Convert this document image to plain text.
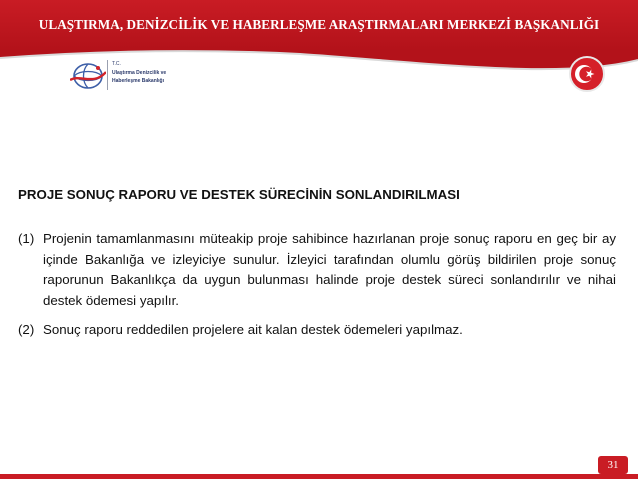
ULAŞTIRMA, DENİZCİLİK VE HABERLEŞME ARAŞTIRMALARI MERKEZİ BAŞKANLIĞI
T.C.
Ulaştırma Denizcilik ve
Haberleşme Bakanlığı
PROJE SONUÇ RAPORU VE DESTEK SÜRECİNİN SONLANDIRILMASI
(1) Projenin tamamlanmasını müteakip proje sahibince hazırlanan proje sonuç raporu en geç bir ay içinde Bakanlığa ve izleyiciye sunulur. İzleyici tarafından olumlu görüş bildirilen proje sonuç raporunun Bakanlıkça da uygun bulunması halinde proje destek süreci sonlandırılır ve nihai destek ödemesi yapılır.
(2) Sonuç raporu reddedilen projelere ait kalan destek ödemeleri yapılmaz.
31
